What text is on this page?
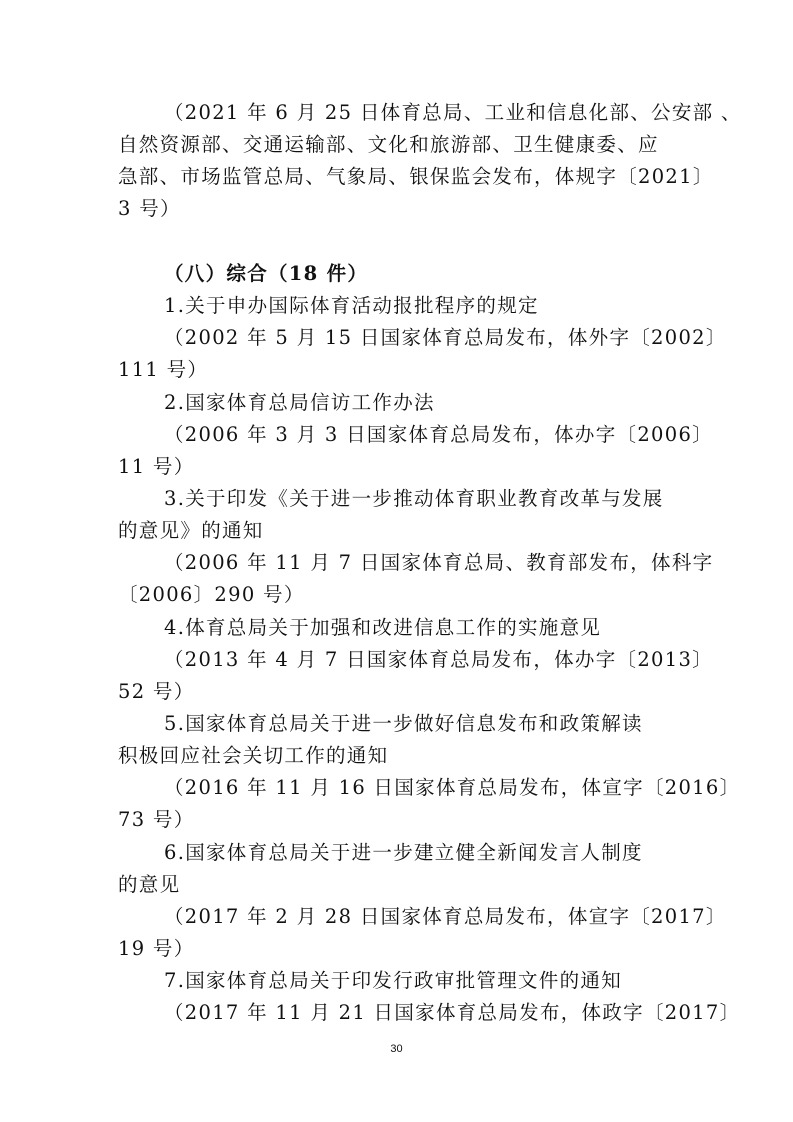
（2021 年 6 月 25 日体育总局、工业和信息化部、公安部 、
自然资源部、交通运输部、文化和旅游部、卫生健康委、应
急部、市场监管总局、气象局、银保监会发布，体规字〔2021〕
3 号）
（八）综合（18 件）
1.关于申办国际体育活动报批程序的规定
（2002 年 5 月 15 日国家体育总局发布，体外字〔2002〕
111 号）
2.国家体育总局信访工作办法
（2006 年 3 月 3 日国家体育总局发布，体办字〔2006〕
11 号）
3.关于印发《关于进一步推动体育职业教育改革与发展
的意见》的通知
（2006 年 11 月 7 日国家体育总局、教育部发布，体科字
〔2006〕290 号）
4.体育总局关于加强和改进信息工作的实施意见
（2013 年 4 月 7 日国家体育总局发布，体办字〔2013〕
52 号）
5.国家体育总局关于进一步做好信息发布和政策解读
积极回应社会关切工作的通知
（2016 年 11 月 16 日国家体育总局发布，体宣字〔2016〕
73 号）
6.国家体育总局关于进一步建立健全新闻发言人制度
的意见
（2017 年 2 月 28 日国家体育总局发布，体宣字〔2017〕
19 号）
7.国家体育总局关于印发行政审批管理文件的通知
（2017 年 11 月 21 日国家体育总局发布，体政字〔2017〕
30
